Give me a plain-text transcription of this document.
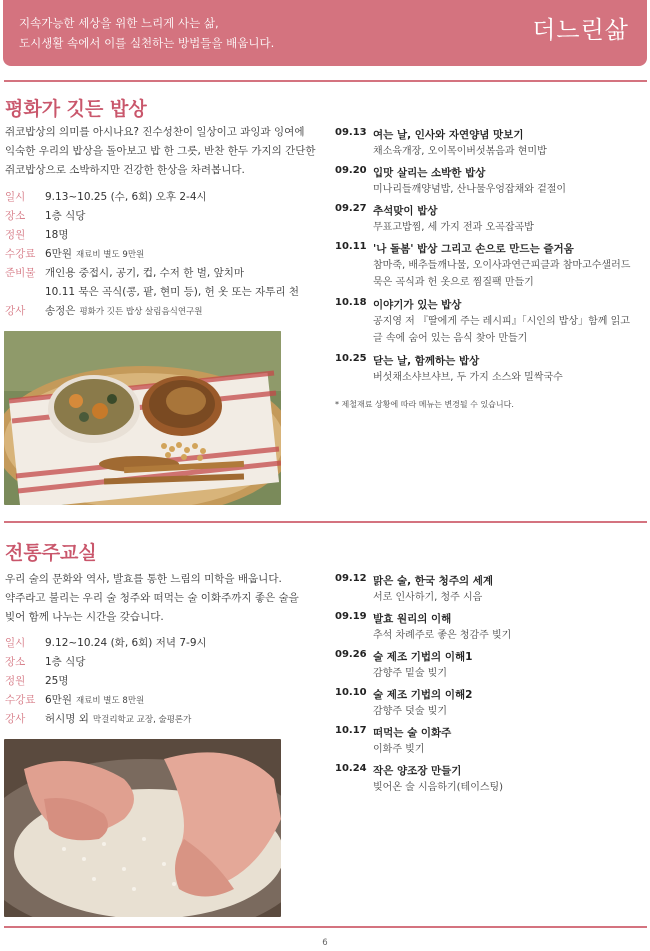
지속가능한 세상을 위한 느리게 사는 삶,
도시생활 속에서 이를 실천하는 방법들을 배웁니다.	더느린삶
평화가 깃든 밥상
쥐코밥상의 의미를 아시나요? 진수성찬이 일상이고 과잉과 잉여에
익숙한 우리의 밥상을 돌아보고 밥 한 그릇, 반찬 한두 가지의 간단한
쥐코밥상으로 소박하지만 건강한 한상을 차려봅니다.
일시 9.13~10.25 (수, 6회) 오후 2-4시
장소 1층 식당
정원 18명
수강료 6만원 재료비 별도 9만원
준비물 개인용 중접시, 공기, 컵, 수저 한 벌, 앞치마
10.11 묵은 곡식(콩, 팥, 현미 등), 헌 옷 또는 자투리 천
강사 송정은 평화가 깃든 밥상 살림음식연구원
09.13 여는 날, 인사와 자연양념 맛보기
채소육개장, 오이목이버섯볶음과 현미밥
09.20 입맛 살리는 소박한 밥상
미나리들깨양념밥, 산나물우엉잡채와 겉절이
09.27 추석맞이 밥상
무표고밥찜, 세 가지 전과 오곡잡곡밥
10.11 '나 돌봄' 밥상 그리고 손으로 만드는 즐거움
참마죽, 배추들깨나물, 오이사과연근피클과 참마고수샐러드
묵은 곡식과 헌 옷으로 찜질팩 만들기
10.18 이야기가 있는 밥상
공지영 저 『딸에게 주는 레시피』「시인의 밥상」함께 읽고
글 속에 숨어 있는 음식 찾아 만들기
10.25 닫는 날, 함께하는 밥상
버섯채소샤브샤브, 두 가지 소스와 밀싹국수
* 제철재료 상황에 따라 메뉴는 변경될 수 있습니다.
전통주교실
우리 술의 문화와 역사, 발효를 통한 느림의 미학을 배웁니다.
약주라고 불리는 우리 술 청주와 떠먹는 술 이화주까지 좋은 술을
빚어 함께 나누는 시간을 갖습니다.
일시 9.12~10.24 (화, 6회) 저녁 7-9시
장소 1층 식당
정원 25명
수강료 6만원 재료비 별도 8만원
강사 허시명 외 막걸리학교 교장, 술평론가
09.12 맑은 술, 한국 청주의 세계
서로 인사하기, 청주 시음
09.19 발효 원리의 이해
추석 차례주로 좋은 청감주 빚기
09.26 술 제조 기법의 이해1
감향주 밑술 빚기
10.10 술 제조 기법의 이해2
감향주 덧술 빚기
10.17 떠먹는 술 이화주
이화주 빚기
10.24 작은 양조장 만들기
빚어온 술 시음하기(테이스팅)
6
